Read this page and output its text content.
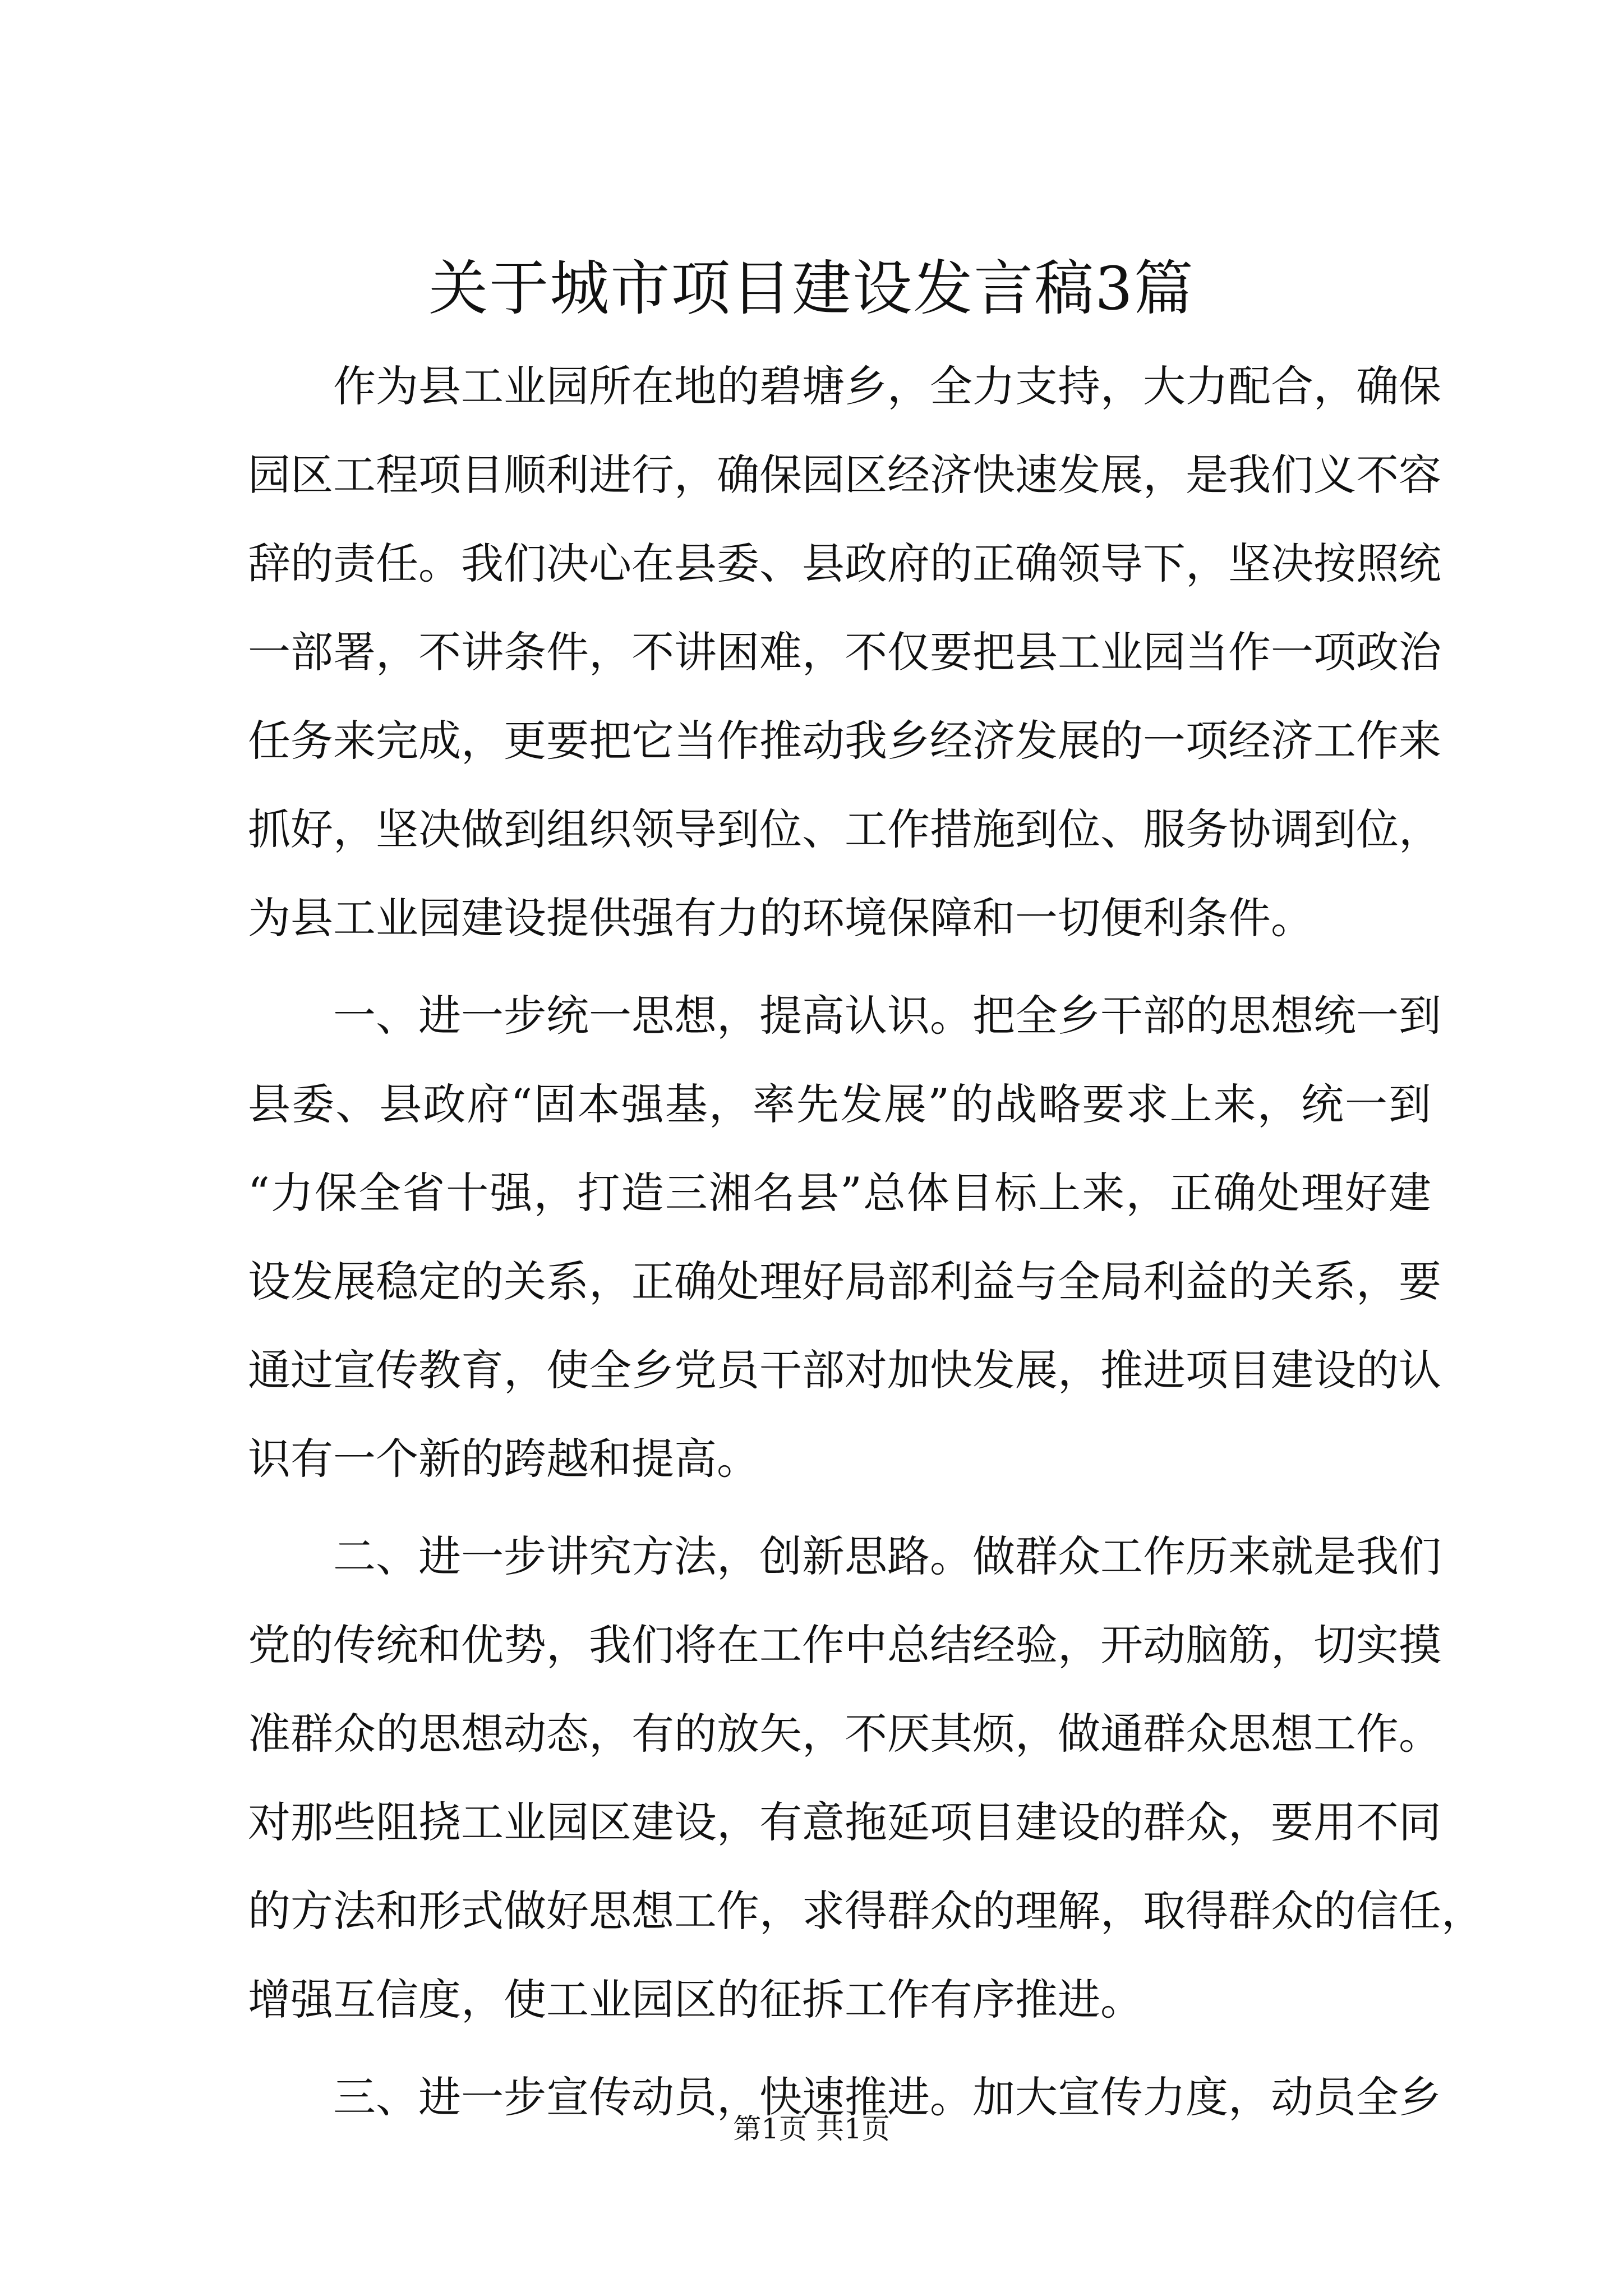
关于城市项目建设发言稿3篇
作为县工业园所在地的碧塘乡，全力支持，大力配合，确保
园区工程项目顺利进行，确保园区经济快速发展，是我们义不容
辞的责任。我们决心在县委、县政府的正确领导下，坚决按照统
一部署，不讲条件，不讲困难，不仅要把县工业园当作一项政治
任务来完成，更要把它当作推动我乡经济发展的一项经济工作来
抓好，坚决做到组织领导到位、工作措施到位、服务协调到位，
为县工业园建设提供强有力的环境保障和一切便利条件。
一、进一步统一思想，提高认识。把全乡干部的思想统一到
县委、县政府“固本强基，率先发展”的战略要求上来，统一到
“力保全省十强，打造三湘名县”总体目标上来，正确处理好建
设发展稳定的关系，正确处理好局部利益与全局利益的关系，要
通过宣传教育，使全乡党员干部对加快发展，推进项目建设的认
识有一个新的跨越和提高。
二、进一步讲究方法，创新思路。做群众工作历来就是我们
党的传统和优势，我们将在工作中总结经验，开动脑筋，切实摸
准群众的思想动态，有的放矢，不厌其烦，做通群众思想工作。
对那些阻挠工业园区建设，有意拖延项目建设的群众，要用不同
的方法和形式做好思想工作，求得群众的理解，取得群众的信任，
增强互信度，使工业园区的征拆工作有序推进。
三、进一步宣传动员，快速推进。加大宣传力度，动员全乡
第1页 共1页
